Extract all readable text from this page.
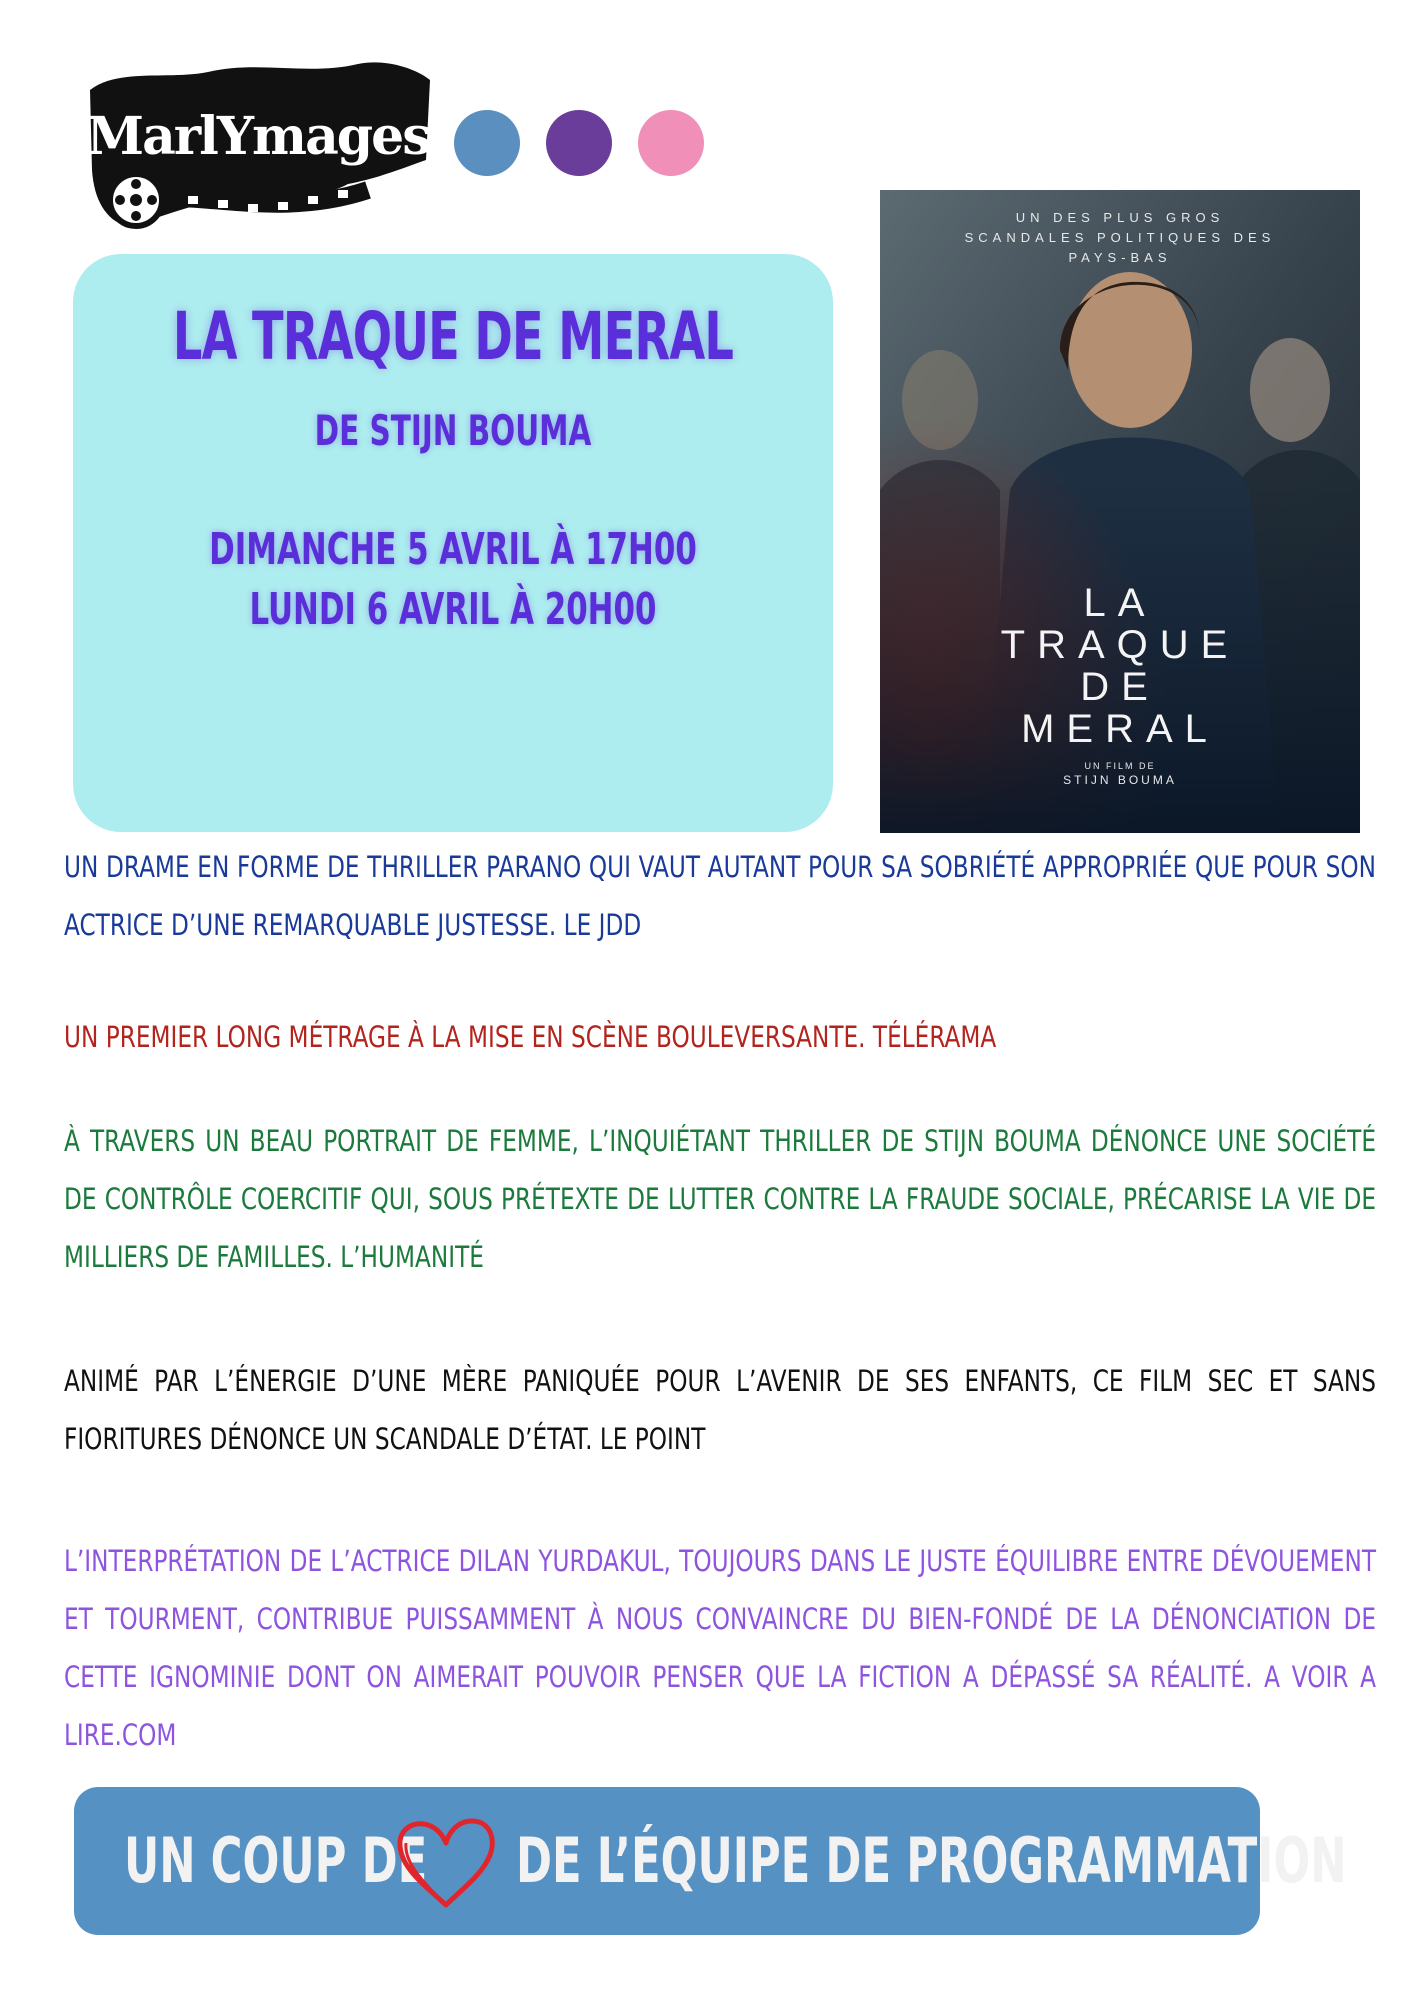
MarlYmages
LA TRAQUE DE MERAL
DE STIJN BOUMA
DIMANCHE 5 AVRIL À 17H00
LUNDI 6 AVRIL À 20H00
UN DES PLUS GROS SCANDALES POLITIQUES DES PAYS-BAS
LA
TRAQUE
DE
MERAL
UN FILM DE
STIJN BOUMA
UN DRAME EN FORME DE THRILLER PARANO QUI VAUT AUTANT POUR SA SOBRIÉTÉ APPROPRIÉE QUE POUR SON ACTRICE D’UNE REMARQUABLE JUSTESSE. LE JDD
UN PREMIER LONG MÉTRAGE À LA MISE EN SCÈNE BOULEVERSANTE. TÉLÉRAMA
À TRAVERS UN BEAU PORTRAIT DE FEMME, L’INQUIÉTANT THRILLER DE STIJN BOUMA DÉNONCE UNE SOCIÉTÉ DE CONTRÔLE COERCITIF QUI, SOUS PRÉTEXTE DE LUTTER CONTRE LA FRAUDE SOCIALE, PRÉCARISE LA VIE DE MILLIERS DE FAMILLES. L’HUMANITÉ
ANIMÉ PAR L’ÉNERGIE D’UNE MÈRE PANIQUÉE POUR L’AVENIR DE SES ENFANTS, CE FILM SEC ET SANS FIORITURES DÉNONCE UN SCANDALE D’ÉTAT. LE POINT
L’INTERPRÉTATION DE L’ACTRICE DILAN YURDAKUL, TOUJOURS DANS LE JUSTE ÉQUILIBRE ENTRE DÉVOUEMENT ET TOURMENT, CONTRIBUE PUISSAMMENT À NOUS CONVAINCRE DU BIEN-FONDÉ DE LA DÉNONCIATION DE CETTE IGNOMINIE DONT ON AIMERAIT POUVOIR PENSER QUE LA FICTION A DÉPASSÉ SA RÉALITÉ. A VOIR A LIRE.COM
UN COUP DE DE L’ÉQUIPE DE PROGRAMMATION
